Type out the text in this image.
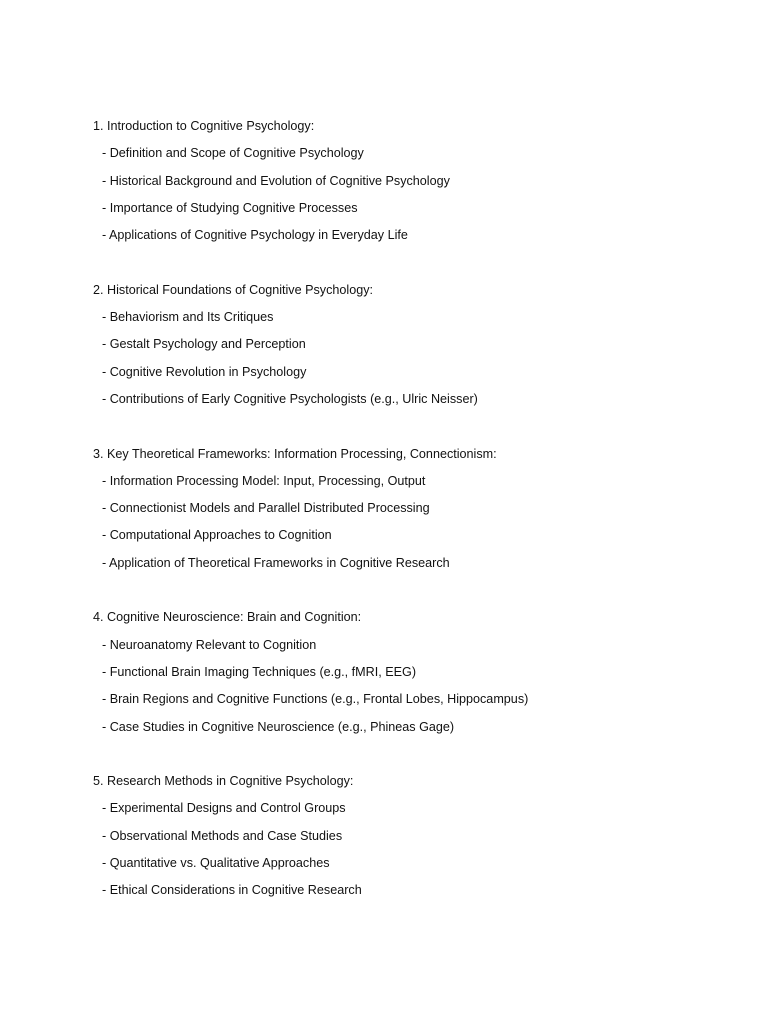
1. Introduction to Cognitive Psychology:
- Definition and Scope of Cognitive Psychology
- Historical Background and Evolution of Cognitive Psychology
- Importance of Studying Cognitive Processes
- Applications of Cognitive Psychology in Everyday Life
2. Historical Foundations of Cognitive Psychology:
- Behaviorism and Its Critiques
- Gestalt Psychology and Perception
- Cognitive Revolution in Psychology
- Contributions of Early Cognitive Psychologists (e.g., Ulric Neisser)
3. Key Theoretical Frameworks: Information Processing, Connectionism:
- Information Processing Model: Input, Processing, Output
- Connectionist Models and Parallel Distributed Processing
- Computational Approaches to Cognition
- Application of Theoretical Frameworks in Cognitive Research
4. Cognitive Neuroscience: Brain and Cognition:
- Neuroanatomy Relevant to Cognition
- Functional Brain Imaging Techniques (e.g., fMRI, EEG)
- Brain Regions and Cognitive Functions (e.g., Frontal Lobes, Hippocampus)
- Case Studies in Cognitive Neuroscience (e.g., Phineas Gage)
5. Research Methods in Cognitive Psychology:
- Experimental Designs and Control Groups
- Observational Methods and Case Studies
- Quantitative vs. Qualitative Approaches
- Ethical Considerations in Cognitive Research
